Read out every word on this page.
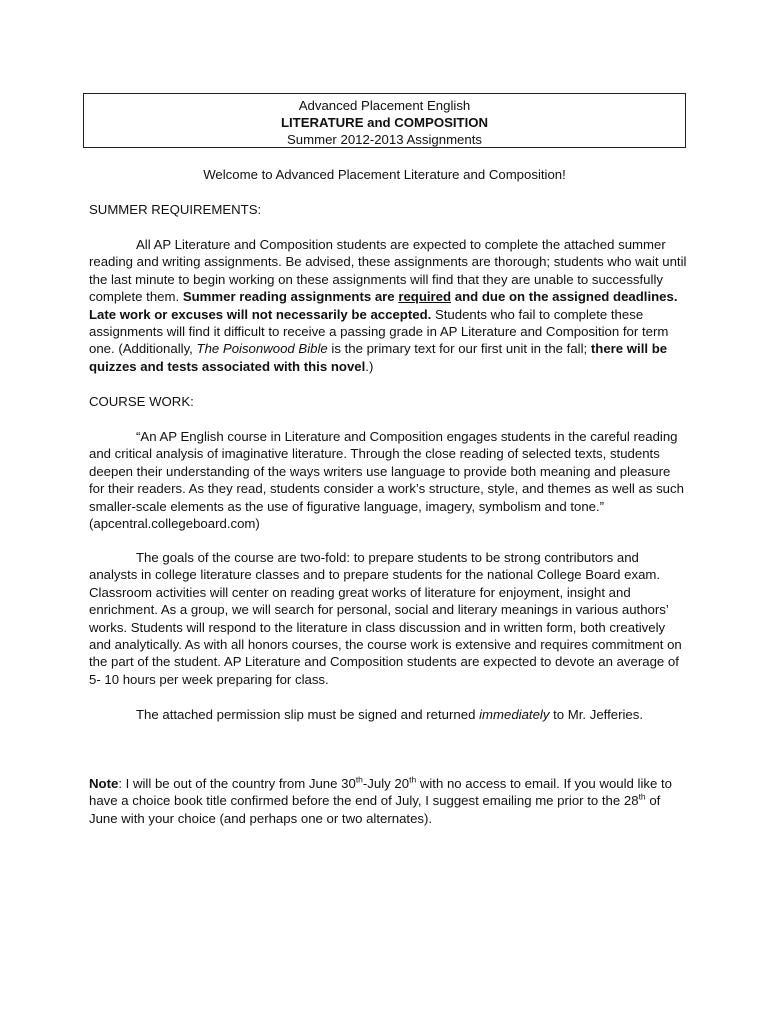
Advanced Placement English
LITERATURE and COMPOSITION
Summer 2012-2013 Assignments
Welcome to Advanced Placement Literature and Composition!
SUMMER REQUIREMENTS:

All AP Literature and Composition students are expected to complete the attached summer reading and writing assignments. Be advised, these assignments are thorough; students who wait until the last minute to begin working on these assignments will find that they are unable to successfully complete them. Summer reading assignments are required and due on the assigned deadlines. Late work or excuses will not necessarily be accepted. Students who fail to complete these assignments will find it difficult to receive a passing grade in AP Literature and Composition for term one. (Additionally, The Poisonwood Bible is the primary text for our first unit in the fall; there will be quizzes and tests associated with this novel.)

COURSE WORK:

“An AP English course in Literature and Composition engages students in the careful reading and critical analysis of imaginative literature. Through the close reading of selected texts, students deepen their understanding of the ways writers use language to provide both meaning and pleasure for their readers. As they read, students consider a work’s structure, style, and themes as well as such smaller-scale elements as the use of figurative language, imagery, symbolism and tone.” (apcentral.collegeboard.com)

The goals of the course are two-fold: to prepare students to be strong contributors and analysts in college literature classes and to prepare students for the national College Board exam. Classroom activities will center on reading great works of literature for enjoyment, insight and enrichment. As a group, we will search for personal, social and literary meanings in various authors’ works. Students will respond to the literature in class discussion and in written form, both creatively and analytically. As with all honors courses, the course work is extensive and requires commitment on the part of the student. AP Literature and Composition students are expected to devote an average of 5- 10 hours per week preparing for class.

The attached permission slip must be signed and returned immediately to Mr. Jefferies.

Note: I will be out of the country from June 30th-July 20th with no access to email. If you would like to have a choice book title confirmed before the end of July, I suggest emailing me prior to the 28th of June with your choice (and perhaps one or two alternates).
